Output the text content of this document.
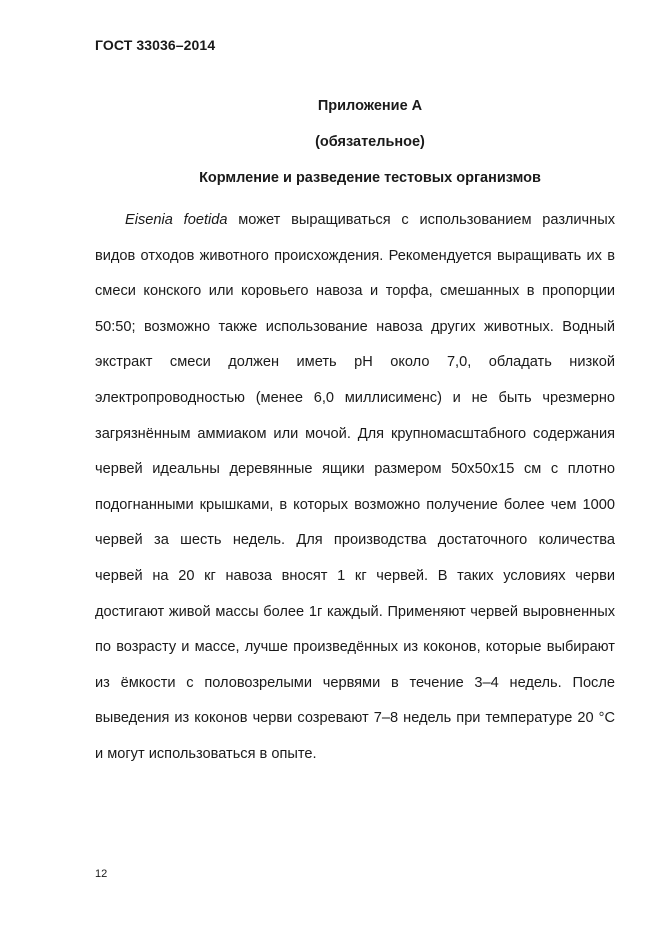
ГОСТ 33036–2014
Приложение А
(обязательное)
Кормление и разведение тестовых организмов

Eisenia foetida может выращиваться с использованием различных видов отходов животного происхождения. Рекомендуется выращивать их в смеси конского или коровьего навоза и торфа, смешанных в пропорции 50:50; возможно также использование навоза других животных. Водный экстракт смеси должен иметь рН около 7,0, обладать низкой электропроводностью (менее 6,0 миллисименс) и не быть чрезмерно загрязнённым аммиаком или мочой. Для крупномасштабного содержания червей идеальны деревянные ящики размером 50x50x15 см с плотно подогнанными крышками, в которых возможно получение более чем 1000 червей за шесть недель. Для производства достаточного количества червей на 20 кг навоза вносят 1 кг червей. В таких условиях черви достигают живой массы более 1г каждый. Применяют червей выровненных по возрасту и массе, лучше произведённых из коконов, которые выбирают из ёмкости с половозрелыми червями в течение 3–4 недель. После выведения из коконов черви созревают 7–8 недель при температуре 20 °С и могут использоваться в опыте.

12
